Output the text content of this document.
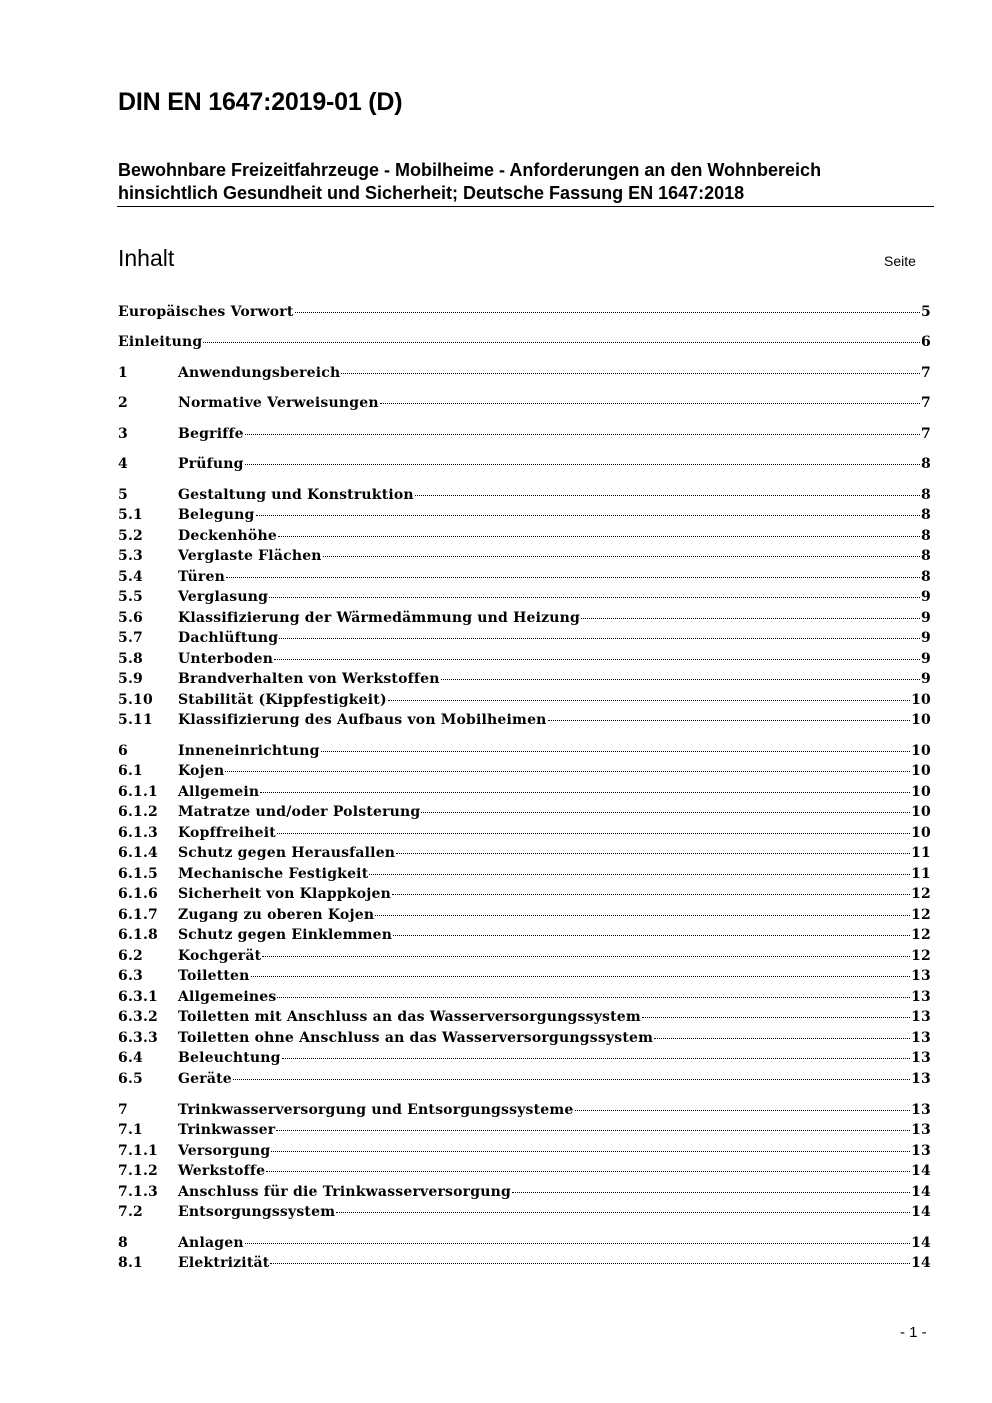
DIN EN 1647:2019-01 (D)
Bewohnbare Freizeitfahrzeuge - Mobilheime - Anforderungen an den Wohnbereich
hinsichtlich Gesundheit und Sicherheit; Deutsche Fassung EN 1647:2018
Inhalt	Seite
Europäisches Vorwort	5
Einleitung	6
1	Anwendungsbereich	7
2	Normative Verweisungen	7
3	Begriffe	7
4	Prüfung	8
5	Gestaltung und Konstruktion	8
5.1	Belegung	8
5.2	Deckenhöhe	8
5.3	Verglaste Flächen	8
5.4	Türen	8
5.5	Verglasung	9
5.6	Klassifizierung der Wärmedämmung und Heizung	9
5.7	Dachlüftung	9
5.8	Unterboden	9
5.9	Brandverhalten von Werkstoffen	9
5.10	Stabilität (Kippfestigkeit)	10
5.11	Klassifizierung des Aufbaus von Mobilheimen	10
6	Inneneinrichtung	10
6.1	Kojen	10
6.1.1	Allgemein	10
6.1.2	Matratze und/oder Polsterung	10
6.1.3	Kopffreiheit	10
6.1.4	Schutz gegen Herausfallen	11
6.1.5	Mechanische Festigkeit	11
6.1.6	Sicherheit von Klappkojen	12
6.1.7	Zugang zu oberen Kojen	12
6.1.8	Schutz gegen Einklemmen	12
6.2	Kochgerät	12
6.3	Toiletten	13
6.3.1	Allgemeines	13
6.3.2	Toiletten mit Anschluss an das Wasserversorgungssystem	13
6.3.3	Toiletten ohne Anschluss an das Wasserversorgungssystem	13
6.4	Beleuchtung	13
6.5	Geräte	13
7	Trinkwasserversorgung und Entsorgungssysteme	13
7.1	Trinkwasser	13
7.1.1	Versorgung	13
7.1.2	Werkstoffe	14
7.1.3	Anschluss für die Trinkwasserversorgung	14
7.2	Entsorgungssystem	14
8	Anlagen	14
8.1	Elektrizität	14
- 1 -
